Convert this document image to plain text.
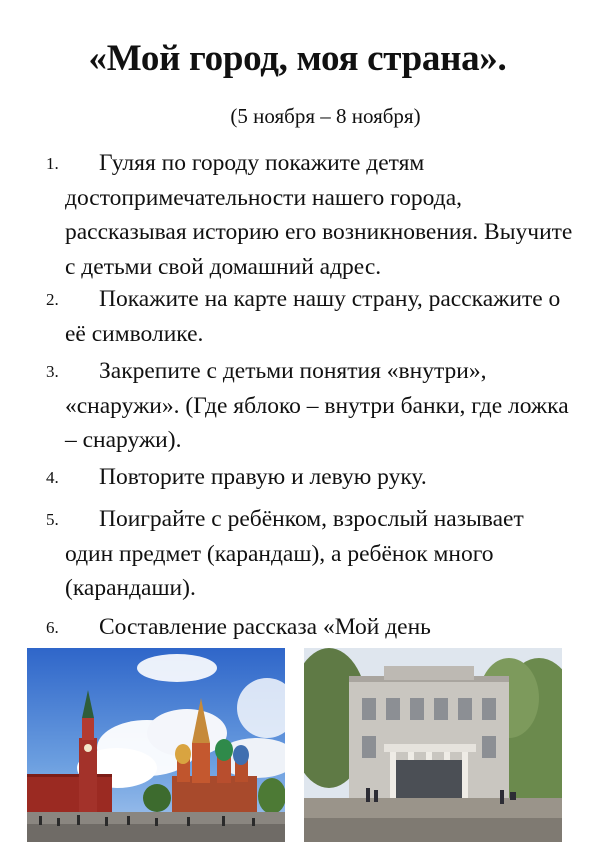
«Мой город, моя страна».
(5 ноября – 8 ноября)
1.	Гуляя по городу покажите детям достопримечательности нашего города, рассказывая историю его возникновения. Выучите с детьми свой домашний адрес.
2.	Покажите на карте нашу страну, расскажите о её символике.
3.	Закрепите с детьми понятия «внутри», «снаружи». (Где яблоко – внутри банки, где ложка – снаружи).
4.	Повторите правую и левую руку.
5.	Поиграйте с ребёнком, взрослый называет один предмет (карандаш), а ребёнок много (карандаши).
6.	Составление рассказа «Мой день
